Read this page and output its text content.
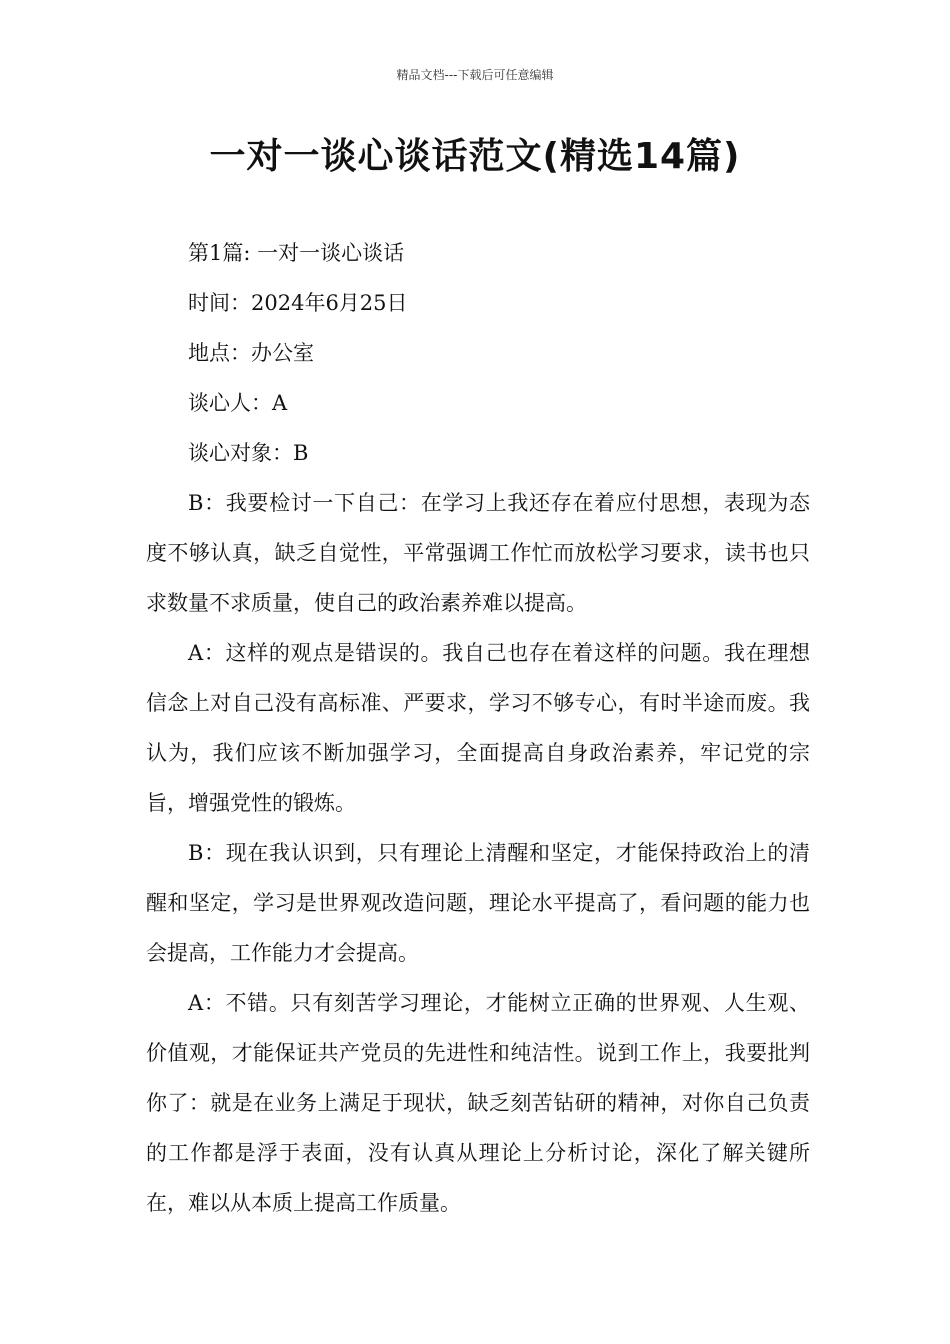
精品文档---下载后可任意编辑
一对一谈心谈话范文(精选14篇)

第1篇: 一对一谈心谈话

时间：2024年6月25日

地点：办公室

谈心人：A

谈心对象：B

B：我要检讨一下自己：在学习上我还存在着应付思想，表现为态度不够认真，缺乏自觉性，平常强调工作忙而放松学习要求，读书也只求数量不求质量，使自己的政治素养难以提高。

A：这样的观点是错误的。我自己也存在着这样的问题。我在理想信念上对自己没有高标准、严要求，学习不够专心，有时半途而废。我认为，我们应该不断加强学习，全面提高自身政治素养，牢记党的宗旨，增强党性的锻炼。

B：现在我认识到，只有理论上清醒和坚定，才能保持政治上的清醒和坚定，学习是世界观改造问题，理论水平提高了，看问题的能力也会提高，工作能力才会提高。

A：不错。只有刻苦学习理论，才能树立正确的世界观、人生观、价值观，才能保证共产党员的先进性和纯洁性。说到工作上，我要批判你了：就是在业务上满足于现状，缺乏刻苦钻研的精神，对你自己负责的工作都是浮于表面，没有认真从理论上分析讨论，深化了解关键所在，难以从本质上提高工作质量。
